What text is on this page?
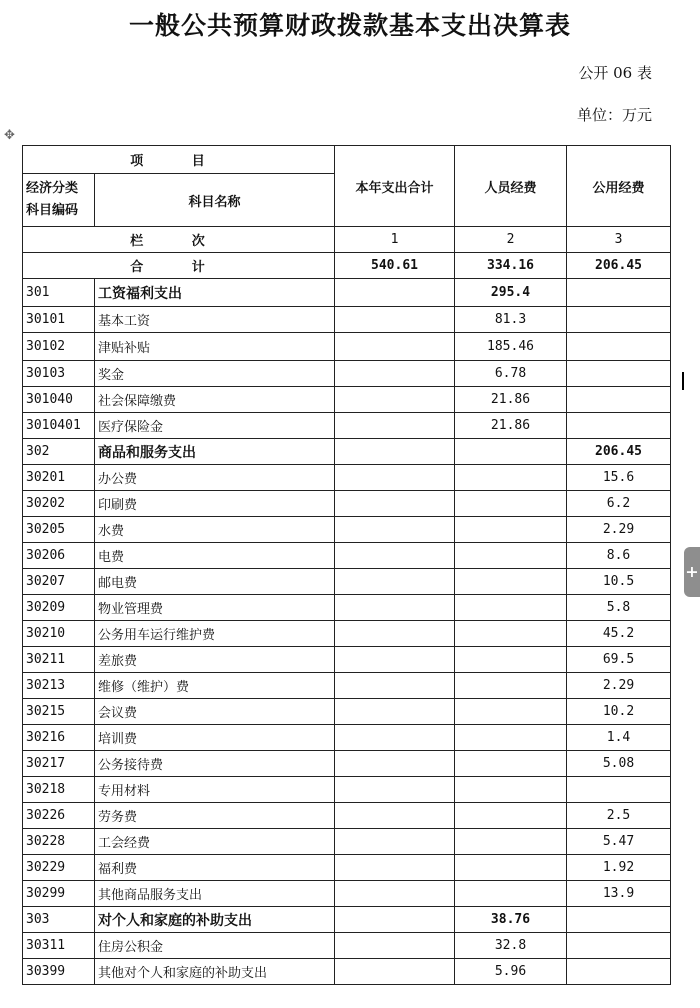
一般公共预算财政拨款基本支出决算表
公开 06 表
单位：万元
✥
+
项 目		本年支出合计	人员经费	公用经费
经济分类
科目编码	科目名称			
栏 次		1	2	3
合 计		540.61	334.16	206.45
301	工资福利支出		295.4	
30101	基本工资		81.3	
30102	津贴补贴		185.46	
30103	奖金		6.78	
301040	社会保障缴费		21.86	
3010401	医疗保险金		21.86	
302	商品和服务支出			206.45
30201	办公费			15.6
30202	印刷费			6.2
30205	水费			2.29
30206	电费			8.6
30207	邮电费			10.5
30209	物业管理费			5.8
30210	公务用车运行维护费			45.2
30211	差旅费			69.5
30213	维修（维护）费			2.29
30215	会议费			10.2
30216	培训费			1.4
30217	公务接待费			5.08
30218	专用材料			
30226	劳务费			2.5
30228	工会经费			5.47
30229	福利费			1.92
30299	其他商品服务支出			13.9
303	对个人和家庭的补助支出		38.76	
30311	住房公积金		32.8	
30399	其他对个人和家庭的补助支出		5.96	
